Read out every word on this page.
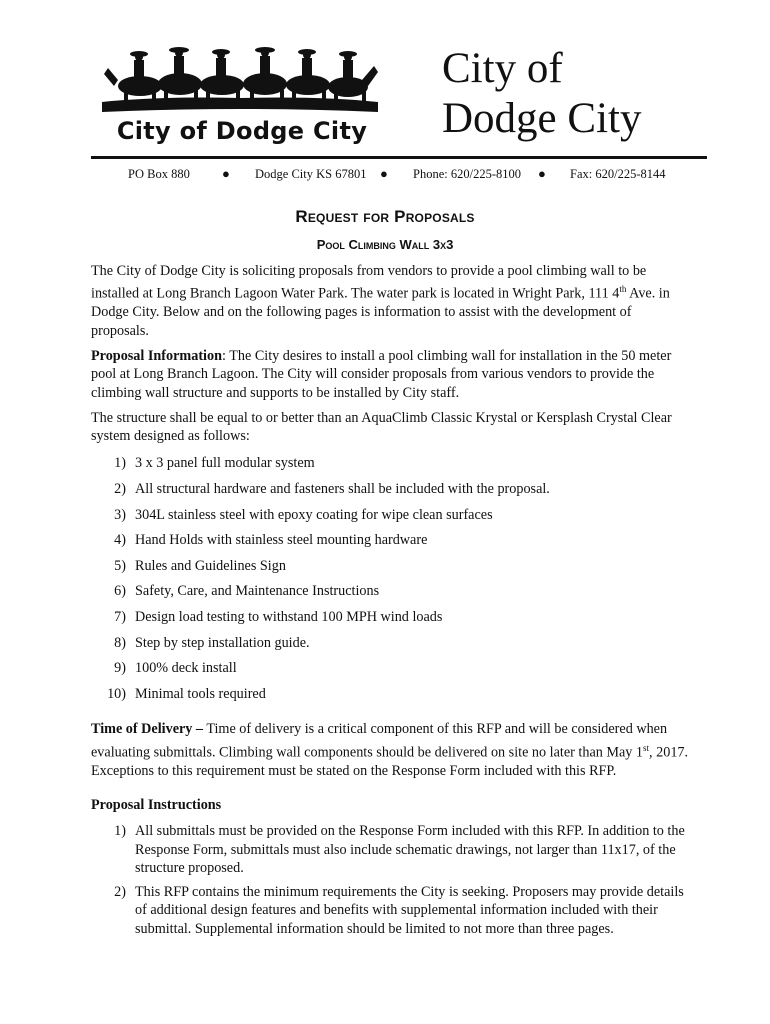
City of Dodge City
City of
Dodge City
PO Box 880 ● Dodge City KS 67801 ● Phone: 620/225-8100 ● Fax: 620/225-8144
Request for Proposals
Pool Climbing Wall 3x3

The City of Dodge City is soliciting proposals from vendors to provide a pool climbing wall to be installed at Long Branch Lagoon Water Park. The water park is located in Wright Park, 111 4th Ave. in Dodge City. Below and on the following pages is information to assist with the development of proposals.

Proposal Information: The City desires to install a pool climbing wall for installation in the 50 meter pool at Long Branch Lagoon. The City will consider proposals from various vendors to provide the climbing wall structure and supports to be installed by City staff.

The structure shall be equal to or better than an AquaClimb Classic Krystal or Kersplash Crystal Clear system designed as follows:

1) 3 x 3 panel full modular system
2) All structural hardware and fasteners shall be included with the proposal.
3) 304L stainless steel with epoxy coating for wipe clean surfaces
4) Hand Holds with stainless steel mounting hardware
5) Rules and Guidelines Sign
6) Safety, Care, and Maintenance Instructions
7) Design load testing to withstand 100 MPH wind loads
8) Step by step installation guide.
9) 100% deck install
10) Minimal tools required

Time of Delivery – Time of delivery is a critical component of this RFP and will be considered when evaluating submittals. Climbing wall components should be delivered on site no later than May 1st, 2017. Exceptions to this requirement must be stated on the Response Form included with this RFP.

Proposal Instructions

1) All submittals must be provided on the Response Form included with this RFP. In addition to the Response Form, submittals must also include schematic drawings, not larger than 11x17, of the structure proposed.
2) This RFP contains the minimum requirements the City is seeking. Proposers may provide details of additional design features and benefits with supplemental information included with their submittal. Supplemental information should be limited to not more than three pages.
